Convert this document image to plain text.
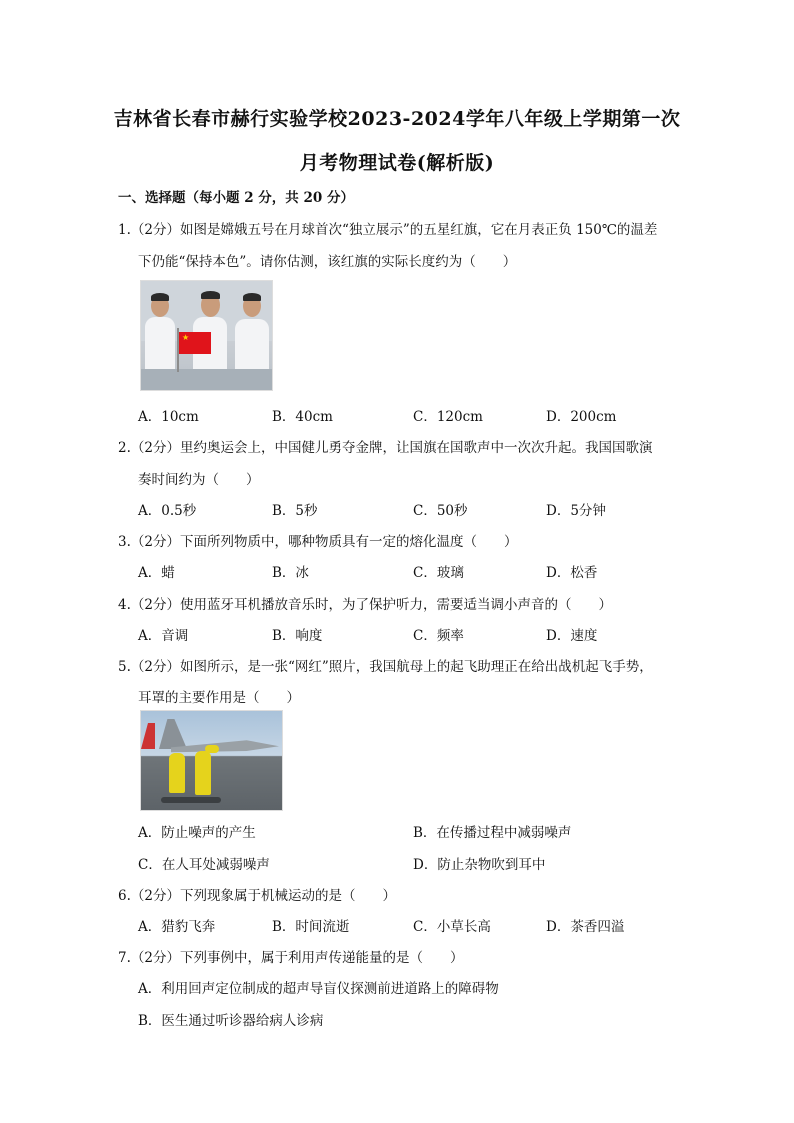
吉林省长春市赫行实验学校2023-2024学年八年级上学期第一次
月考物理试卷(解析版)
一、选择题（每小题 2 分，共 20 分）
1.（2分）如图是嫦娥五号在月球首次“独立展示”的五星红旗，它在月表正负 150℃的温差
下仍能“保持本色”。请你估测，该红旗的实际长度约为（　　）
★
A．10cm	B．40cm	C．120cm	D．200cm
2.（2分）里约奥运会上，中国健儿勇夺金牌，让国旗在国歌声中一次次升起。我国国歌演
奏时间约为（　　）
A．0.5秒	B．5秒	C．50秒	D．5分钟
3.（2分）下面所列物质中，哪种物质具有一定的熔化温度（　　）
A．蜡	B．冰	C．玻璃	D．松香
4.（2分）使用蓝牙耳机播放音乐时，为了保护听力，需要适当调小声音的（　　）
A．音调	B．响度	C．频率	D．速度
5.（2分）如图所示，是一张“网红”照片，我国航母上的起飞助理正在给出战机起飞手势，
耳罩的主要作用是（　　）
A．防止噪声的产生	B．在传播过程中减弱噪声
C．在人耳处减弱噪声	D．防止杂物吹到耳中
6.（2分）下列现象属于机械运动的是（　　）
A．猎豹飞奔	B．时间流逝	C．小草长高	D．茶香四溢
7.（2分）下列事例中，属于利用声传递能量的是（　　）
A．利用回声定位制成的超声导盲仪探测前进道路上的障碍物
B．医生通过听诊器给病人诊病
